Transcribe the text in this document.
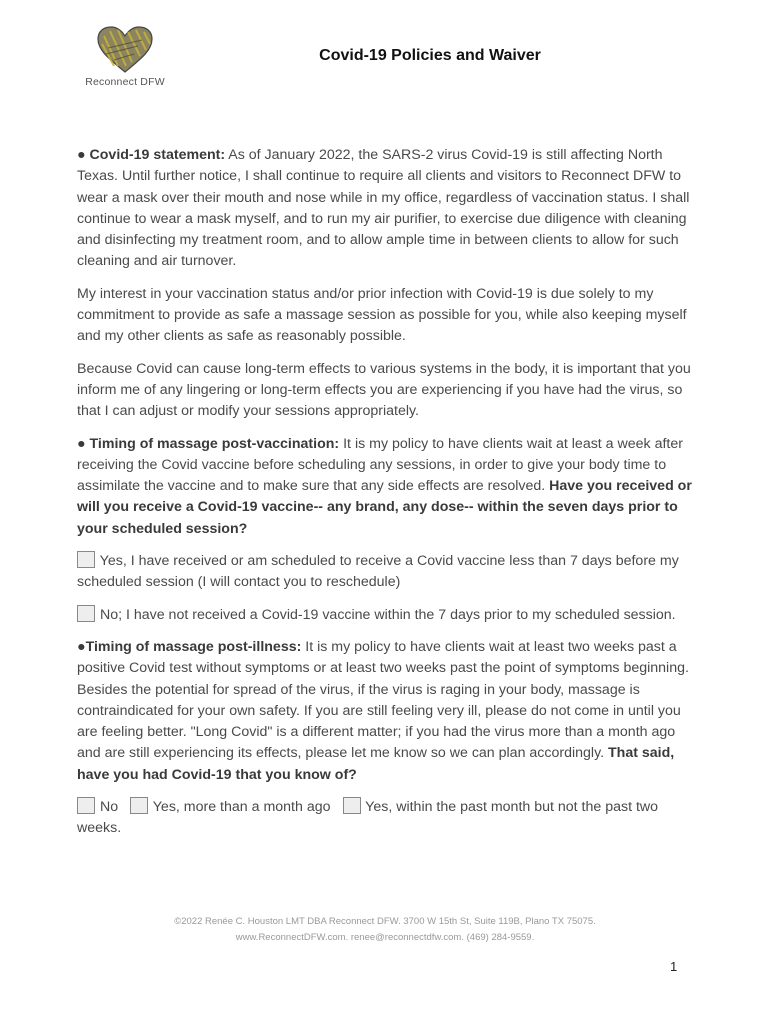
Reconnect DFW
Covid-19 Policies and Waiver

● Covid-19 statement: As of January 2022, the SARS-2 virus Covid-19 is still affecting North Texas. Until further notice, I shall continue to require all clients and visitors to Reconnect DFW to wear a mask over their mouth and nose while in my office, regardless of vaccination status. I shall continue to wear a mask myself, and to run my air purifier, to exercise due diligence with cleaning and disinfecting my treatment room, and to allow ample time in between clients to allow for such cleaning and air turnover.

My interest in your vaccination status and/or prior infection with Covid-19 is due solely to my commitment to provide as safe a massage session as possible for you, while also keeping myself and my other clients as safe as reasonably possible.

Because Covid can cause long-term effects to various systems in the body, it is important that you inform me of any lingering or long-term effects you are experiencing if you have had the virus, so that I can adjust or modify your sessions appropriately.

● Timing of massage post-vaccination: It is my policy to have clients wait at least a week after receiving the Covid vaccine before scheduling any sessions, in order to give your body time to assimilate the vaccine and to make sure that any side effects are resolved. Have you received or will you receive a Covid-19 vaccine-- any brand, any dose-- within the seven days prior to your scheduled session?

Yes, I have received or am scheduled to receive a Covid vaccine less than 7 days before my scheduled session (I will contact you to reschedule)

No; I have not received a Covid-19 vaccine within the 7 days prior to my scheduled session.

●Timing of massage post-illness: It is my policy to have clients wait at least two weeks past a positive Covid test without symptoms or at least two weeks past the point of symptoms beginning. Besides the potential for spread of the virus, if the virus is raging in your body, massage is contraindicated for your own safety. If you are still feeling very ill, please do not come in until you are feeling better. "Long Covid" is a different matter; if you had the virus more than a month ago and are still experiencing its effects, please let me know so we can plan accordingly. That said, have you had Covid-19 that you know of?

No Yes, more than a month ago Yes, within the past month but not the past two weeks.

©2022 Renée C. Houston LMT DBA Reconnect DFW. 3700 W 15th St, Suite 119B, Plano TX 75075.
www.ReconnectDFW.com. renee@reconnectdfw.com. (469) 284-9559.
1
